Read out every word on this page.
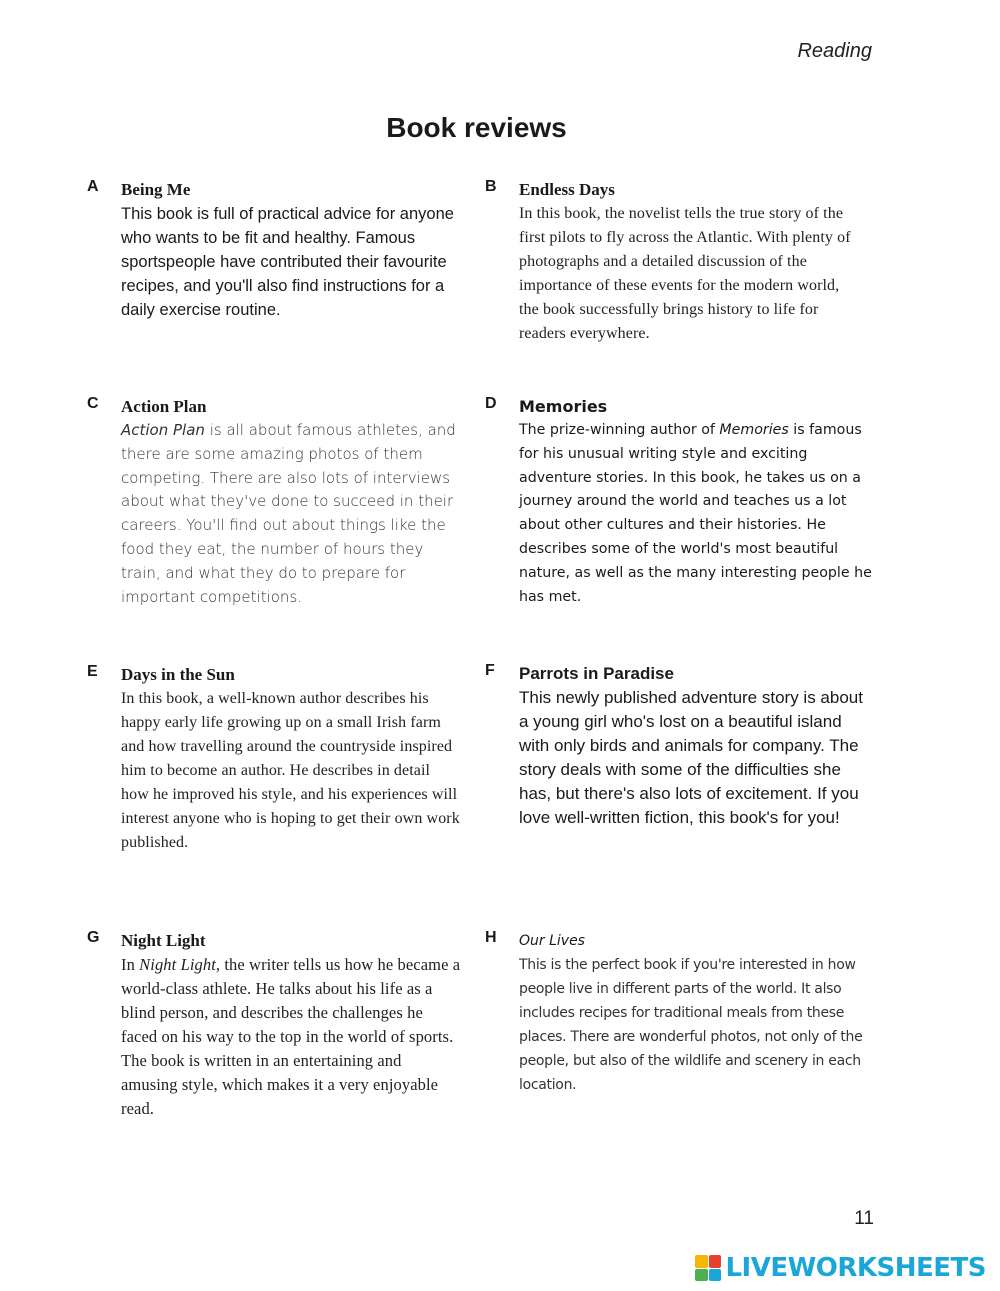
Reading
Book reviews
A Being Me
This book is full of practical advice for anyone who wants to be fit and healthy. Famous sportspeople have contributed their favourite recipes, and you'll also find instructions for a daily exercise routine.
B Endless Days
In this book, the novelist tells the true story of the first pilots to fly across the Atlantic. With plenty of photographs and a detailed discussion of the importance of these events for the modern world, the book successfully brings history to life for readers everywhere.
C Action Plan
Action Plan is all about famous athletes, and there are some amazing photos of them competing. There are also lots of interviews about what they've done to succeed in their careers. You'll find out about things like the food they eat, the number of hours they train, and what they do to prepare for important competitions.
D Memories
The prize-winning author of Memories is famous for his unusual writing style and exciting adventure stories. In this book, he takes us on a journey around the world and teaches us a lot about other cultures and their histories. He describes some of the world's most beautiful nature, as well as the many interesting people he has met.
E Days in the Sun
In this book, a well-known author describes his happy early life growing up on a small Irish farm and how travelling around the countryside inspired him to become an author. He describes in detail how he improved his style, and his experiences will interest anyone who is hoping to get their own work published.
F Parrots in Paradise
This newly published adventure story is about a young girl who's lost on a beautiful island with only birds and animals for company. The story deals with some of the difficulties she has, but there's also lots of excitement. If you love well-written fiction, this book's for you!
G Night Light
In Night Light, the writer tells us how he became a world-class athlete. He talks about his life as a blind person, and describes the challenges he faced on his way to the top in the world of sports. The book is written in an entertaining and amusing style, which makes it a very enjoyable read.
H Our Lives
This is the perfect book if you're interested in how people live in different parts of the world. It also includes recipes for traditional meals from these places. There are wonderful photos, not only of the people, but also of the wildlife and scenery in each location.
11
LIVEWORKSHEETS
